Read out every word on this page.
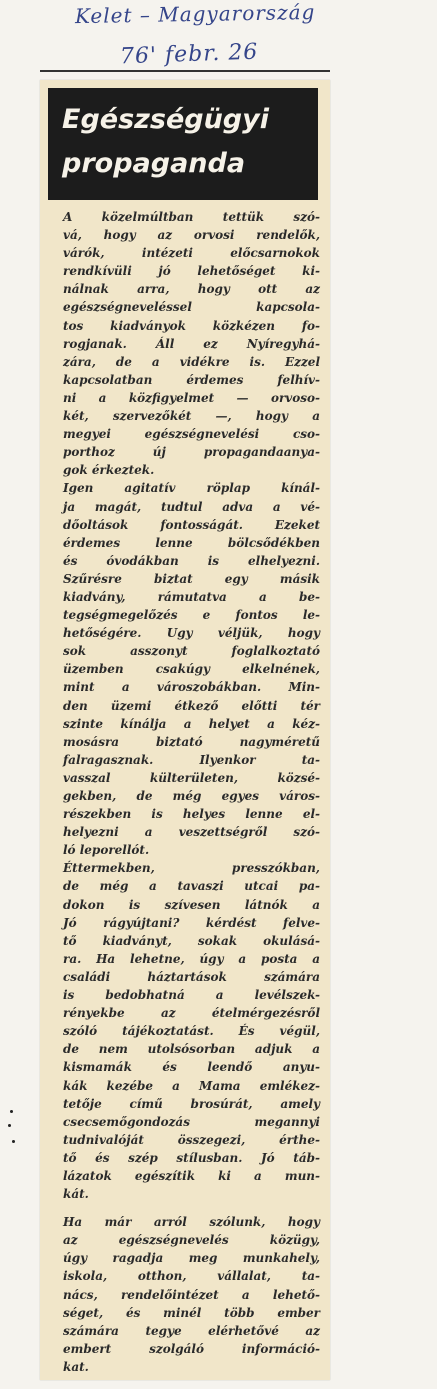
Kelet – Magyarország
76' febr. 26
Egészségügyi
propaganda
A közelmúltban tettük szó-
vá, hogy az orvosi rendelők,
várók, intézeti előcsarnokok
rendkívüli jó lehetőséget ki-
nálnak arra, hogy ott az
egészségneveléssel kapcsola-
tos kiadványok közkézen fo-
rogjanak. Áll ez Nyíregyhá-
zára, de a vidékre is. Ezzel
kapcsolatban érdemes felhív-
ni a közfigyelmet — orvoso-
két, szervezőkét —, hogy a
megyei egészségnevelési cso-
porthoz új propagandaanya-
gok érkeztek.
Igen agitatív röplap kínál-
ja magát, tudtul adva a vé-
dőoltások fontosságát. Ezeket
érdemes lenne bölcsődékben
és óvodákban is elhelyezni.
Szűrésre biztat egy másik
kiadvány, rámutatva a be-
tegségmegelőzés e fontos le-
hetőségére. Ugy véljük, hogy
sok asszonyt foglalkoztató
üzemben csakúgy elkelnének,
mint a városzobákban. Min-
den üzemi étkező előtti tér
szinte kínálja a helyet a kéz-
mosásra biztató nagyméretű
falragasznak. Ilyenkor ta-
vasszal külterületen, közsé-
gekben, de még egyes város-
részekben is helyes lenne el-
helyezni a veszettségről szó-
ló leporellót.
Éttermekben, presszókban,
de még a tavaszi utcai pa-
dokon is szívesen látnók a
Jó rágyújtani? kérdést felve-
tő kiadványt, sokak okulásá-
ra. Ha lehetne, úgy a posta a
családi háztartások számára
is bedobhatná a levélszek-
rényekbe az ételmérgezésről
szóló tájékoztatást. És végül,
de nem utolsósorban adjuk a
kismamák és leendő anyu-
kák kezébe a Mama emlékez-
tetője című brosúrát, amely
csecsemőgondozás megannyi
tudnivalóját összegezi, érthe-
tő és szép stílusban. Jó táb-
lázatok egészítik ki a mun-
kát.
Ha már arról szólunk, hogy
az egészségnevelés közügy,
úgy ragadja meg munkahely,
iskola, otthon, vállalat, ta-
nács, rendelőintézet a lehető-
séget, és minél több ember
számára tegye elérhetővé az
embert szolgáló információ-
kat.
